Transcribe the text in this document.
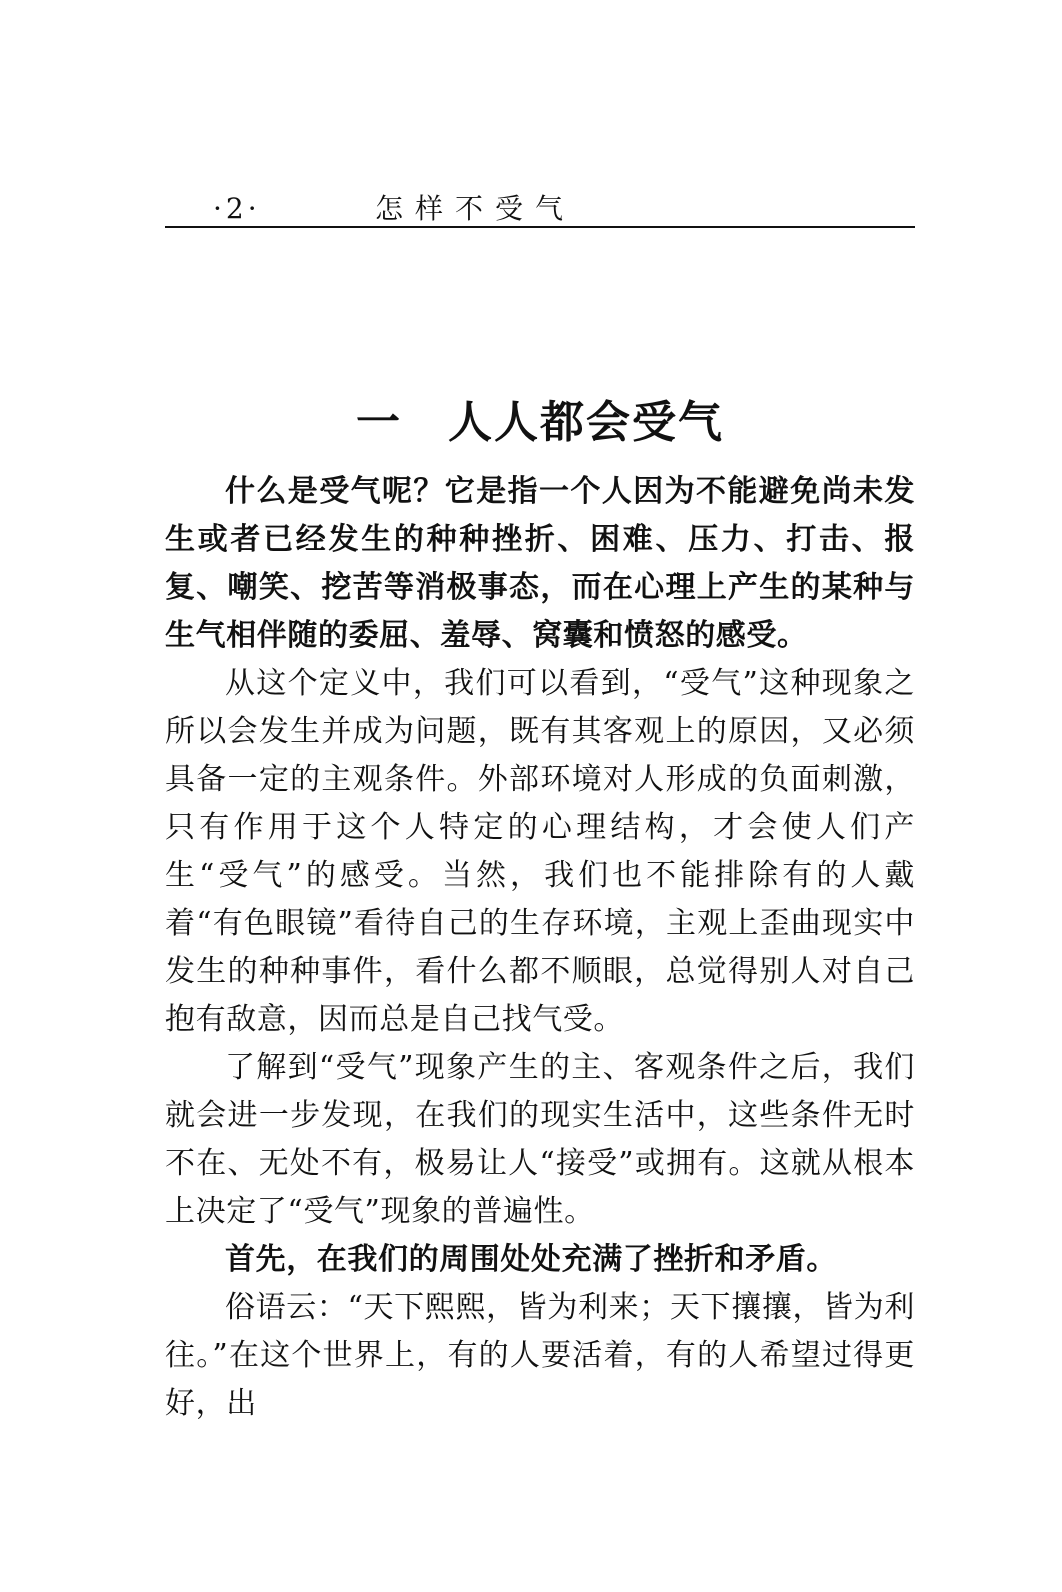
·2·	怎样不受气
一　人人都会受气

什么是受气呢？它是指一个人因为不能避免尚未发生或者已经发生的种种挫折、困难、压力、打击、报复、嘲笑、挖苦等消极事态，而在心理上产生的某种与生气相伴随的委屈、羞辱、窝囊和愤怒的感受。

从这个定义中，我们可以看到，“受气”这种现象之所以会发生并成为问题，既有其客观上的原因，又必须具备一定的主观条件。外部环境对人形成的负面刺激，只有作用于这个人特定的心理结构，才会使人们产生“受气”的感受。当然，我们也不能排除有的人戴着“有色眼镜”看待自己的生存环境，主观上歪曲现实中发生的种种事件，看什么都不顺眼，总觉得别人对自己抱有敌意，因而总是自己找气受。

了解到“受气”现象产生的主、客观条件之后，我们就会进一步发现，在我们的现实生活中，这些条件无时不在、无处不有，极易让人“接受”或拥有。这就从根本上决定了“受气”现象的普遍性。

首先，在我们的周围处处充满了挫折和矛盾。

俗语云：“天下熙熙，皆为利来；天下攘攘，皆为利往。”在这个世界上，有的人要活着，有的人希望过得更好，出
